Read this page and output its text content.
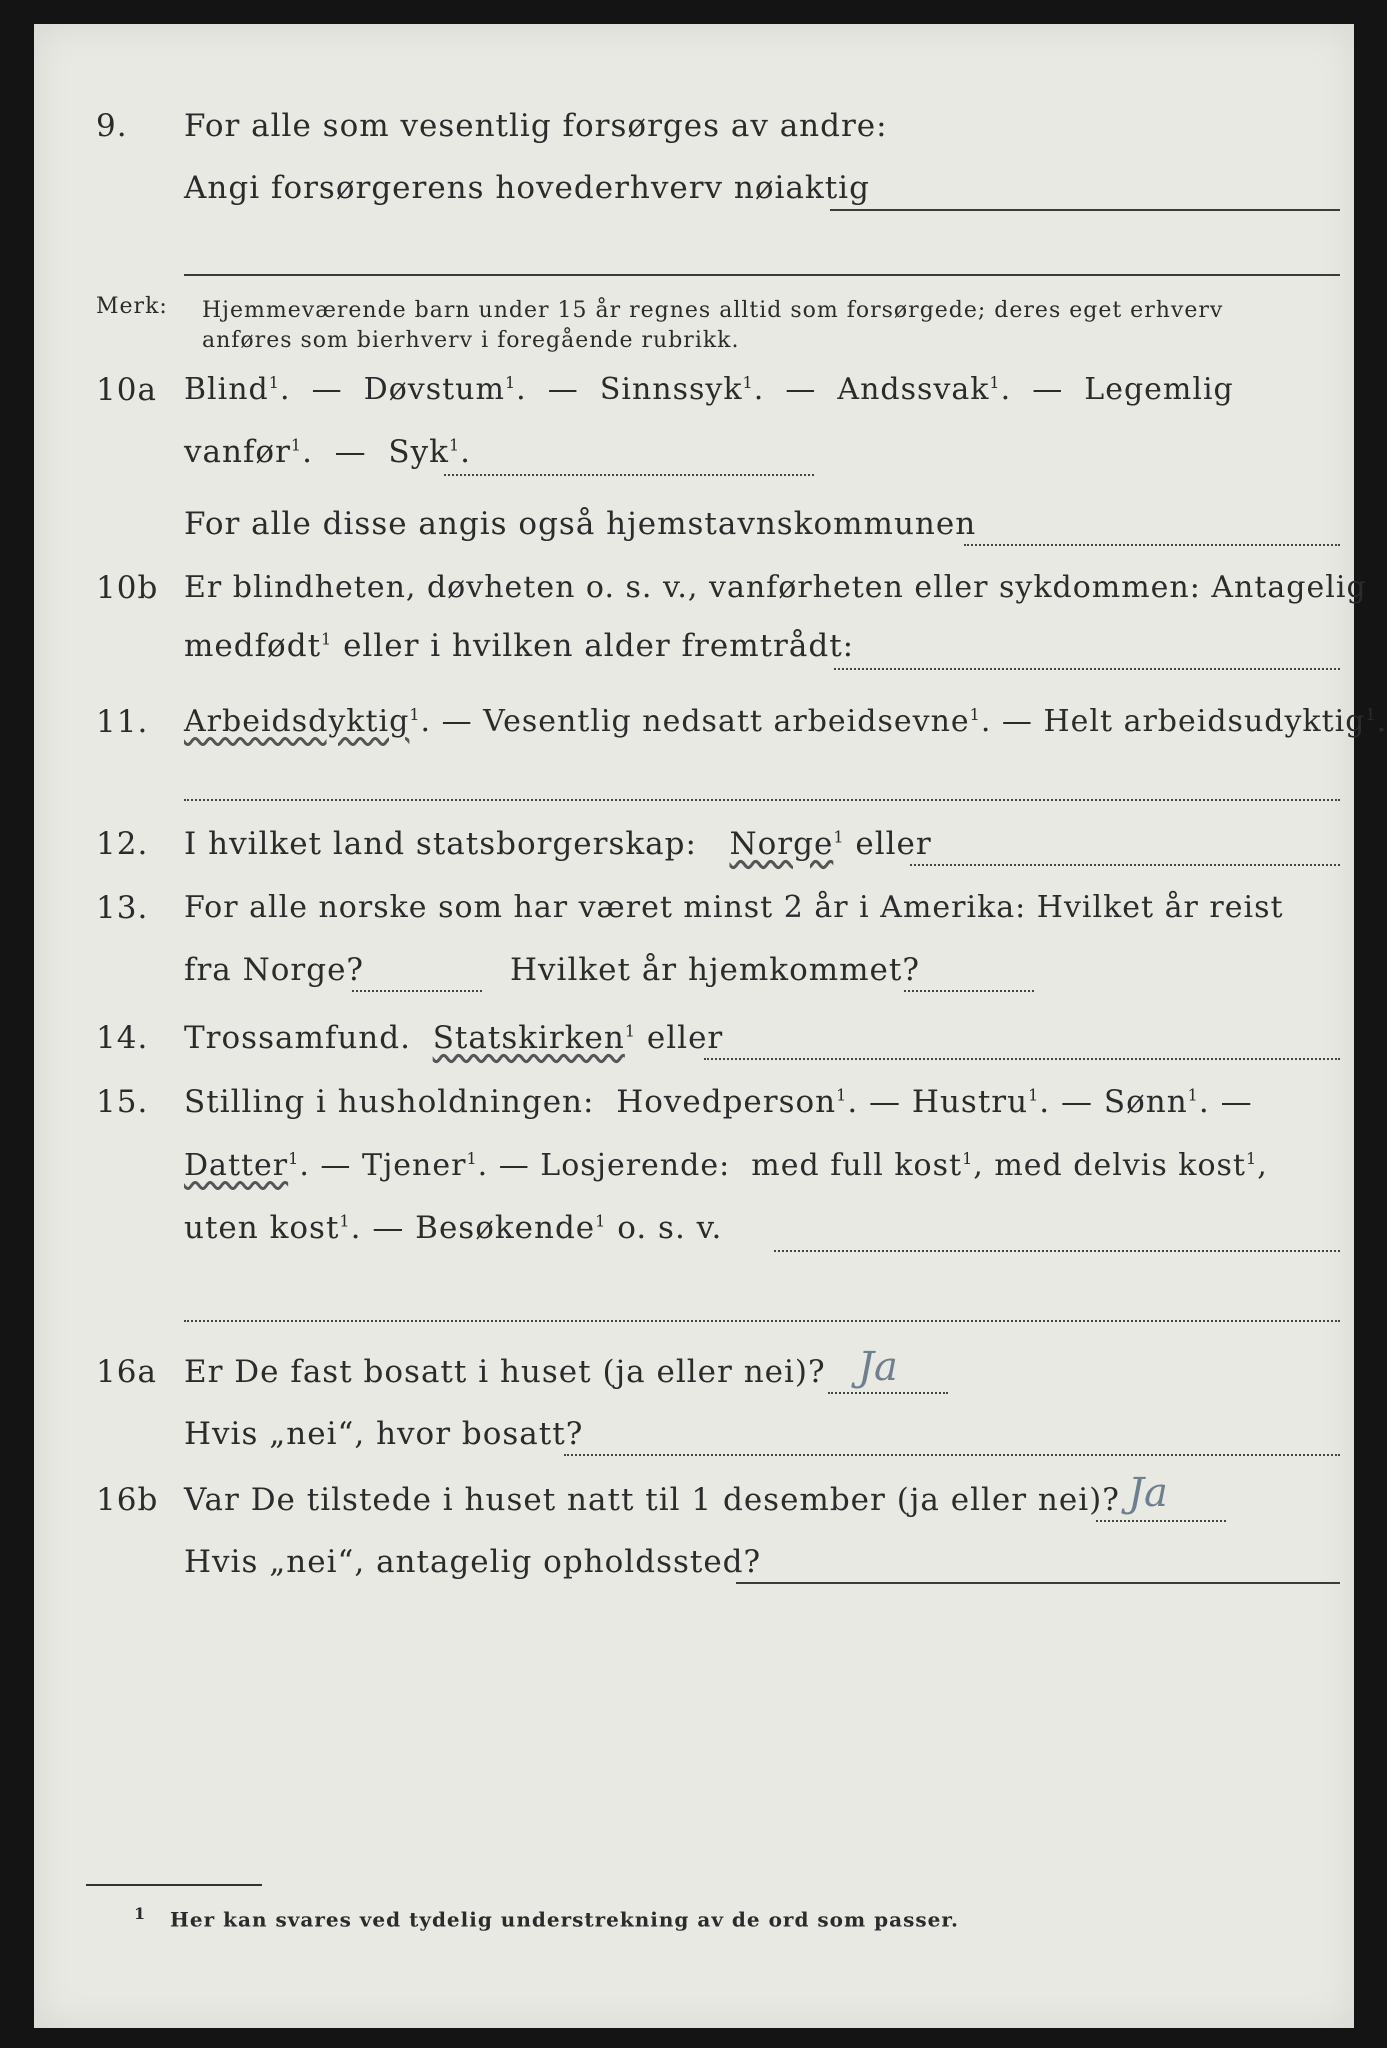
9. For alle som vesentlig forsørges av andre:
Angi forsørgerens hovederhverv nøiaktig
Merk: Hjemmeværende barn under 15 år regnes alltid som forsørgede; deres eget erhverv
anføres som bierhverv i foregående rubrikk.
10a Blind$^1$.  — Døvstum$^1$.  — Sinnssyk$^1$.  — Andssvak$^1$.  — Legemlig
vanfør$^1$.  — Syk$^1$.
For alle disse angis også hjemstavnskommunen
10b Er blindheten, døvheten o. s. v., vanførheten eller sykdommen: Antagelig
medfødt$^1$ eller i hvilken alder fremtrådt:
11. Arbeidsdyktig$^1$. — Vesentlig nedsatt arbeidsevne$^1$. — Helt arbeidsudyktig$^1$.
12. I hvilket land statsborgerskap: Norge$^1$ eller
13. For alle norske som har været minst 2 år i Amerika: Hvilket år reist
fra Norge?	Hvilket år hjemkommet?
14. Trossamfund. Statskirken$^1$ eller
15. Stilling i husholdningen: Hovedperson$^1$. — Hustru$^1$. — Sønn$^1$. —
Datter$^1$. — Tjener$^1$. — Losjerende: med full kost$^1$, med delvis kost$^1$,
uten kost$^1$. — Besøkende$^1$ o. s. v.
16a Er De fast bosatt i huset (ja eller nei)? Ja
Hvis „nei“, hvor bosatt?
16b Var De tilstede i huset natt til 1 desember (ja eller nei)? Ja
Hvis „nei“, antagelig opholdssted?
$^1$ Her kan svares ved tydelig understrekning av de ord som passer.
